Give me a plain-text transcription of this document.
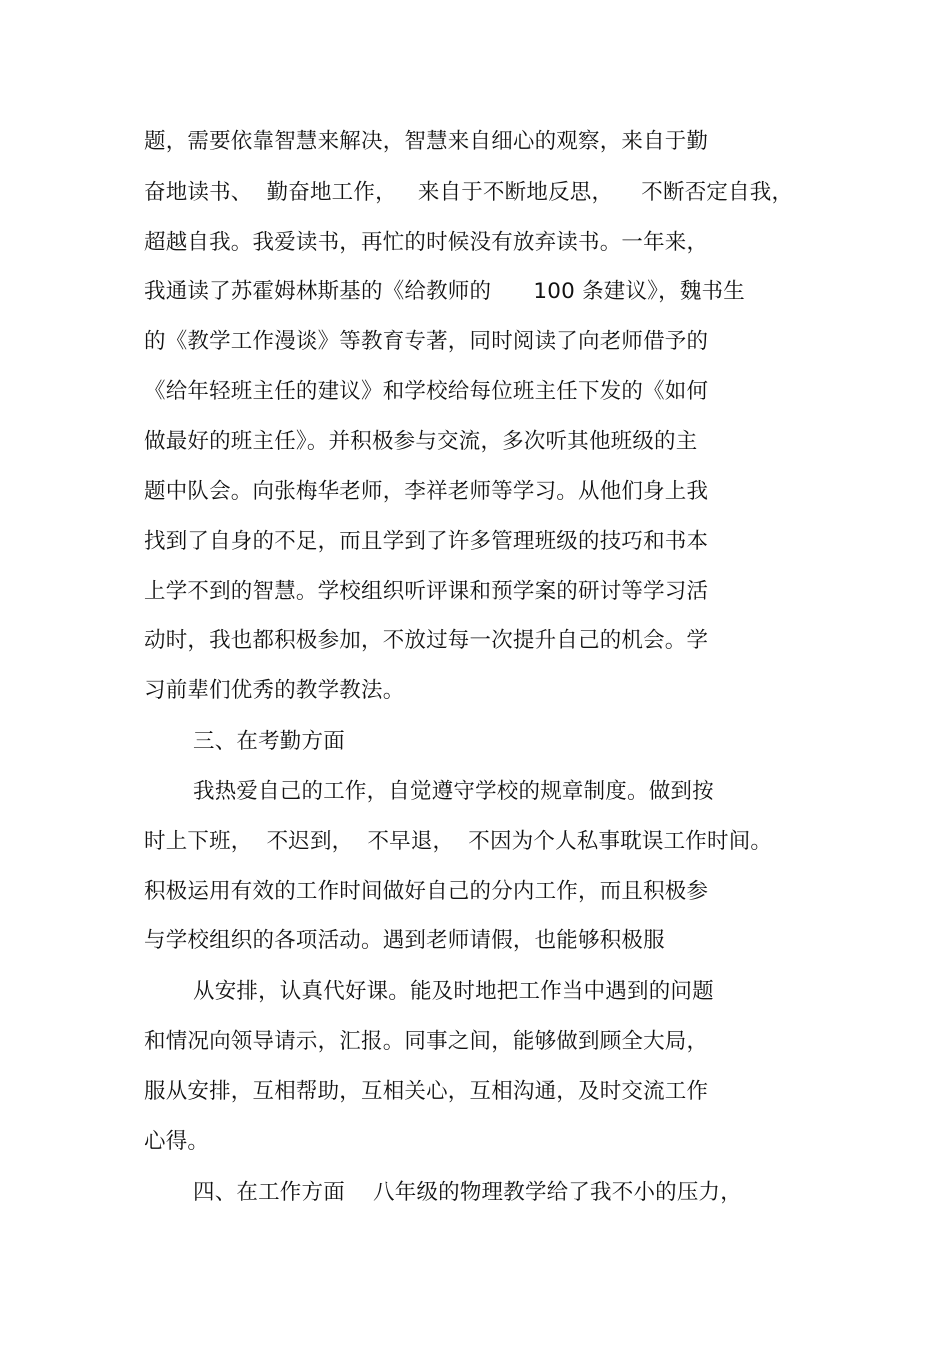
题，需要依靠智慧来解决，智慧来自细心的观察，来自于勤
奋地读书、  勤奋地工作，   来自于不断地反思，    不断否定自我，
超越自我。我爱读书，再忙的时候没有放弃读书。一年来，
我通读了苏霍姆林斯基的《给教师的      100 条建议》，魏书生
的《教学工作漫谈》等教育专著，同时阅读了向老师借予的
《给年轻班主任的建议》和学校给每位班主任下发的《如何
做最好的班主任》。并积极参与交流，多次听其他班级的主
题中队会。向张梅华老师，李祥老师等学习。从他们身上我
找到了自身的不足，而且学到了许多管理班级的技巧和书本
上学不到的智慧。学校组织听评课和预学案的研讨等学习活
动时，我也都积极参加，不放过每一次提升自己的机会。学
习前辈们优秀的教学教法。
三、在考勤方面
我热爱自己的工作，自觉遵守学校的规章制度。做到按
时上下班，  不迟到，  不早退，  不因为个人私事耽误工作时间。
积极运用有效的工作时间做好自己的分内工作，而且积极参
与学校组织的各项活动。遇到老师请假，也能够积极服
从安排，认真代好课。能及时地把工作当中遇到的问题
和情况向领导请示，汇报。同事之间，能够做到顾全大局，
服从安排，互相帮助，互相关心，互相沟通，及时交流工作
心得。
四、在工作方面    八年级的物理教学给了我不小的压力，
